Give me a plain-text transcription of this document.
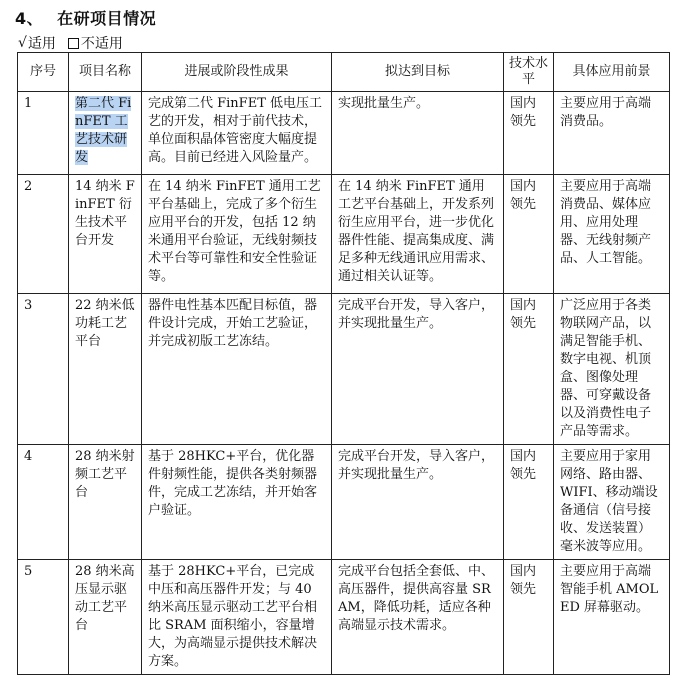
4、 在研项目情况
√ 适用 不适用
序号	项目名称	进展或阶段性成果	拟达到目标	技术水平	具体应用前景
1	第二代 FinFET 工艺技术研发	完成第二代 FinFET 低电压工艺的开发，相对于前代技术，单位面积晶体管密度大幅度提高。目前已经进入风险量产。	实现批量生产。	国内领先	主要应用于高端消费品。
2	14 纳米 FinFET 衍生技术平台开发	在 14 纳米 FinFET 通用工艺平台基础上，完成了多个衍生应用平台的开发，包括 12 纳米通用平台验证，无线射频技术平台等可靠性和安全性验证等。	在 14 纳米 FinFET 通用工艺平台基础上，开发系列衍生应用平台，进一步优化器件性能、提高集成度、满足多种无线通讯应用需求、通过相关认证等。	国内领先	主要应用于高端消费品、媒体应用、应用处理器、无线射频产品、人工智能。
3	22 纳米低功耗工艺平台	器件电性基本匹配目标值，器件设计完成，开始工艺验证，并完成初版工艺冻结。	完成平台开发，导入客户，并实现批量生产。	国内领先	广泛应用于各类物联网产品，以满足智能手机、数字电视、机顶盒、图像处理器、可穿戴设备以及消费性电子产品等需求。
4	28 纳米射频工艺平台	基于 28HKC+平台，优化器件射频性能，提供各类射频器件，完成工艺冻结，并开始客户验证。	完成平台开发，导入客户，并实现批量生产。	国内领先	主要应用于家用网络、路由器、WIFI、移动端设备通信（信号接收、发送装置）毫米波等应用。
5	28 纳米高压显示驱动工艺平台	基于 28HKC+平台，已完成中压和高压器件开发；与 40 纳米高压显示驱动工艺平台相比 SRAM 面积缩小，容量增大，为高端显示提供技术解决方案。	完成平台包括全套低、中、高压器件，提供高容量 SRAM，降低功耗，适应各种高端显示技术需求。	国内领先	主要应用于高端智能手机 AMOLED 屏幕驱动。
